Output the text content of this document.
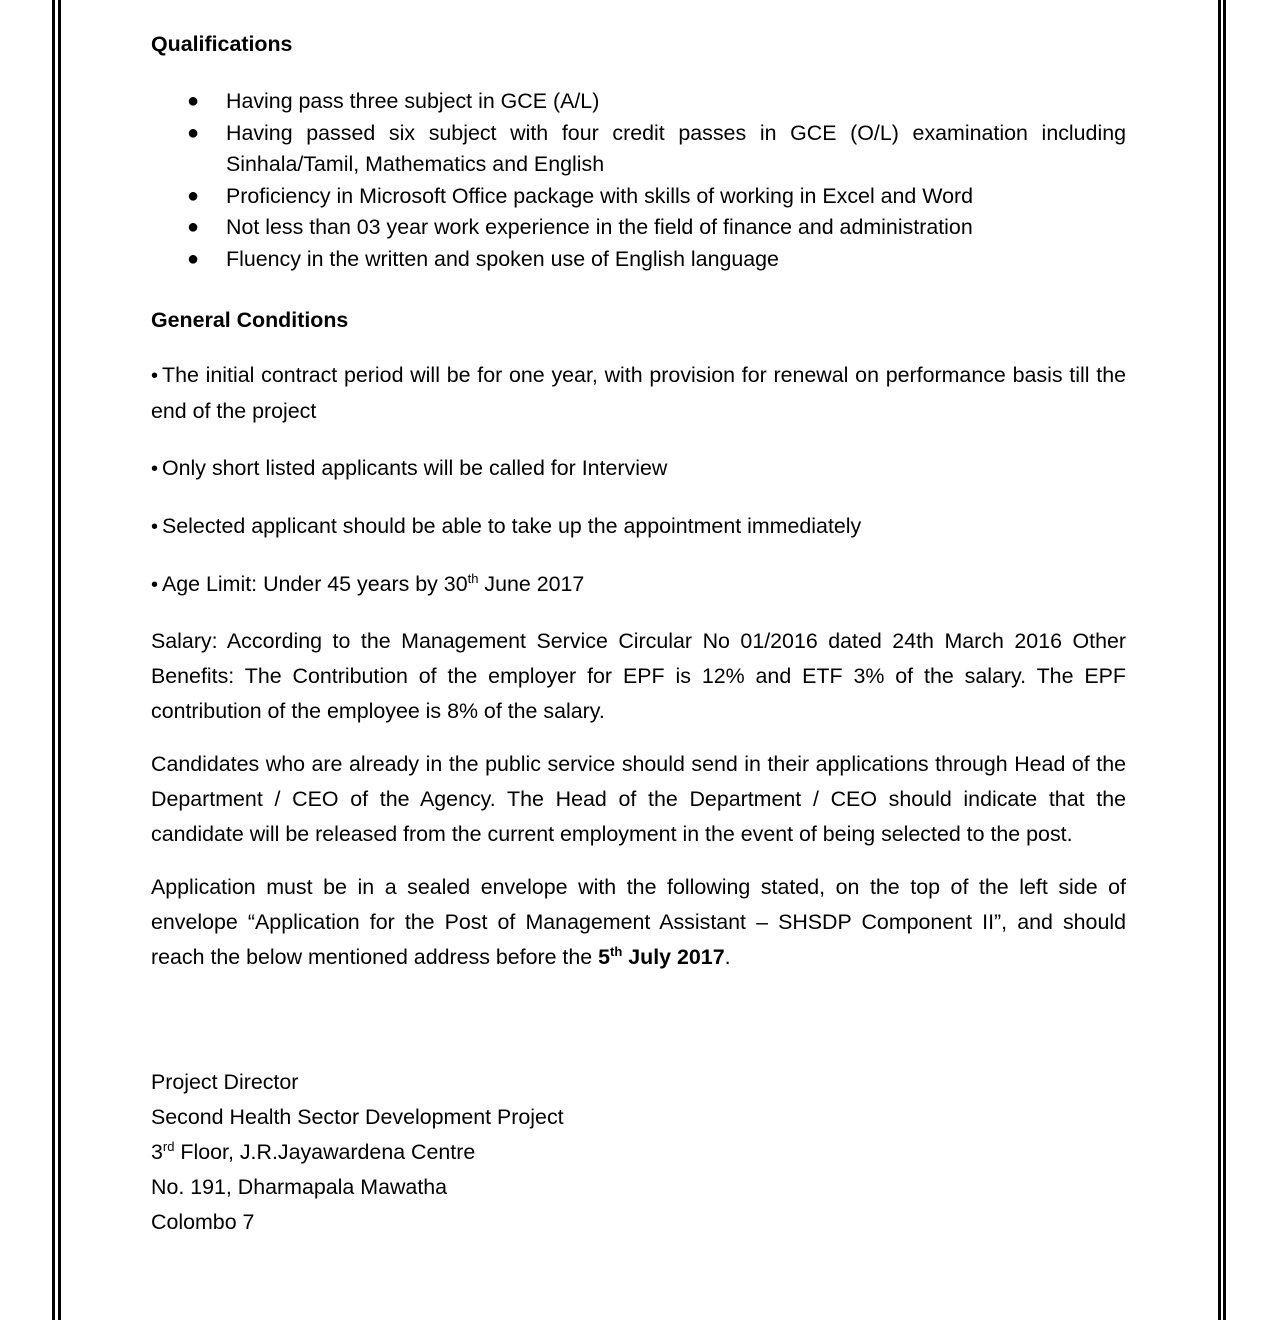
Qualifications

● Having pass three subject in GCE (A/L)
● Having passed six subject with four credit passes in GCE (O/L) examination including Sinhala/Tamil, Mathematics and English
● Proficiency in Microsoft Office package with skills of working in Excel and Word
● Not less than 03 year work experience in the field of finance and administration
● Fluency in the written and spoken use of English language

General Conditions

• The initial contract period will be for one year, with provision for renewal on performance basis till the end of the project

• Only short listed applicants will be called for Interview

• Selected applicant should be able to take up the appointment immediately

• Age Limit: Under 45 years by 30th June 2017

Salary: According to the Management Service Circular No 01/2016 dated 24th March 2016 Other Benefits: The Contribution of the employer for EPF is 12% and ETF 3% of the salary. The EPF contribution of the employee is 8% of the salary.

Candidates who are already in the public service should send in their applications through Head of the Department / CEO of the Agency. The Head of the Department / CEO should indicate that the candidate will be released from the current employment in the event of being selected to the post.

Application must be in a sealed envelope with the following stated, on the top of the left side of envelope “Application for the Post of Management Assistant – SHSDP Component II”, and should reach the below mentioned address before the 5th July 2017.

Project Director
Second Health Sector Development Project
3rd Floor, J.R.Jayawardena Centre
No. 191, Dharmapala Mawatha
Colombo 7
